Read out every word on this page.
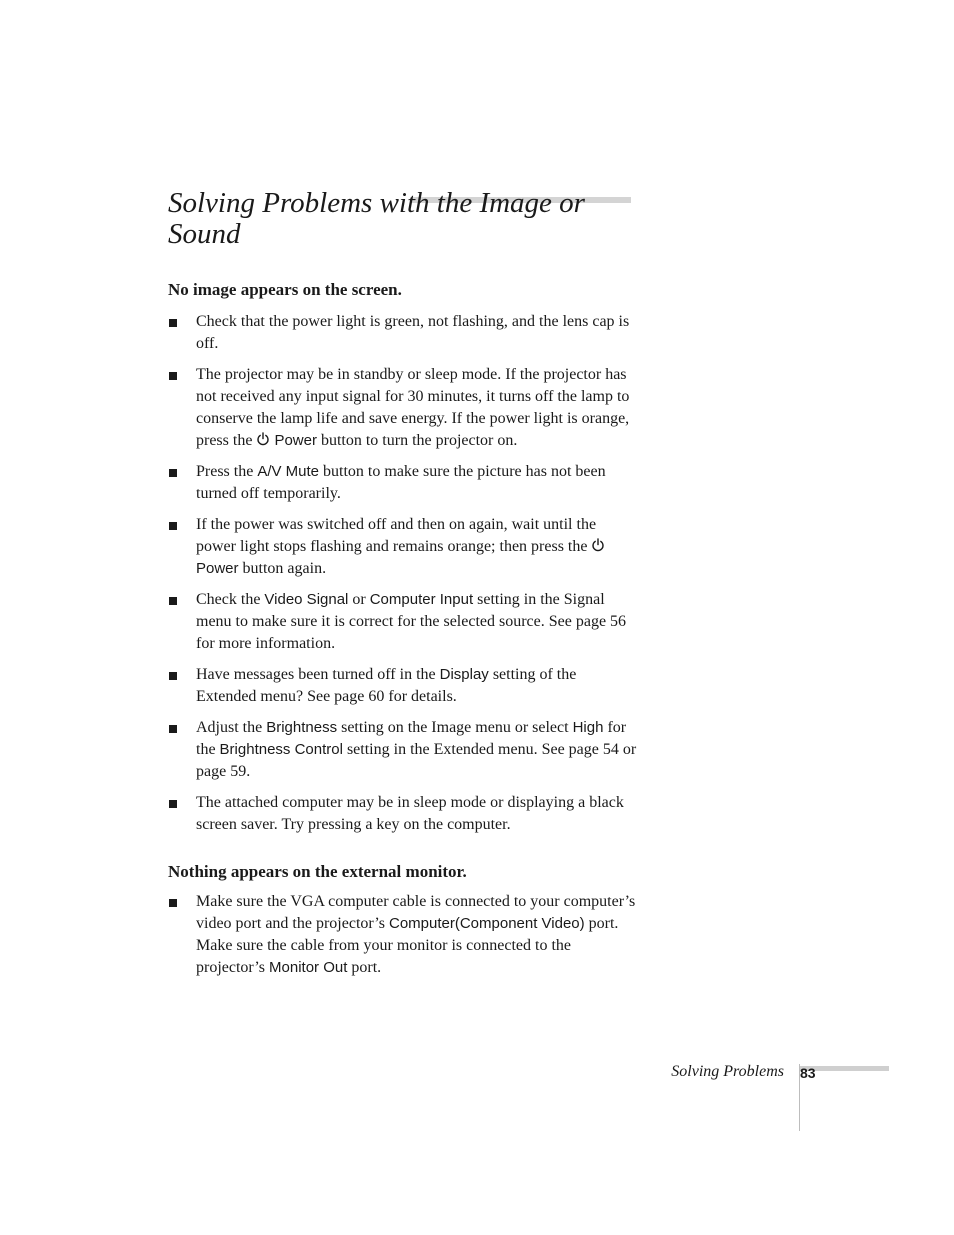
Solving Problems with the Image or Sound
No image appears on the screen.
Check that the power light is green, not flashing, and the lens cap is off.
The projector may be in standby or sleep mode. If the projector has not received any input signal for 30 minutes, it turns off the lamp to conserve the lamp life and save energy. If the power light is orange, press the
Power button to turn the projector on.
Press the A/V Mute button to make sure the picture has not been turned off temporarily.
If the power was switched off and then on again, wait until the power light stops flashing and remains orange; then press the
Power button again.
Check the Video Signal or Computer Input setting in the Signal menu to make sure it is correct for the selected source. See page 56 for more information.
Have messages been turned off in the Display setting of the Extended menu? See page 60 for details.
Adjust the Brightness setting on the Image menu or select High for the Brightness Control setting in the Extended menu. See page 54 or page 59.
The attached computer may be in sleep mode or displaying a black screen saver. Try pressing a key on the computer.
Nothing appears on the external monitor.
Make sure the VGA computer cable is connected to your computer’s video port and the projector’s Computer(Component Video) port. Make sure the cable from your monitor is connected to the projector’s Monitor Out port.
Solving Problems 83
